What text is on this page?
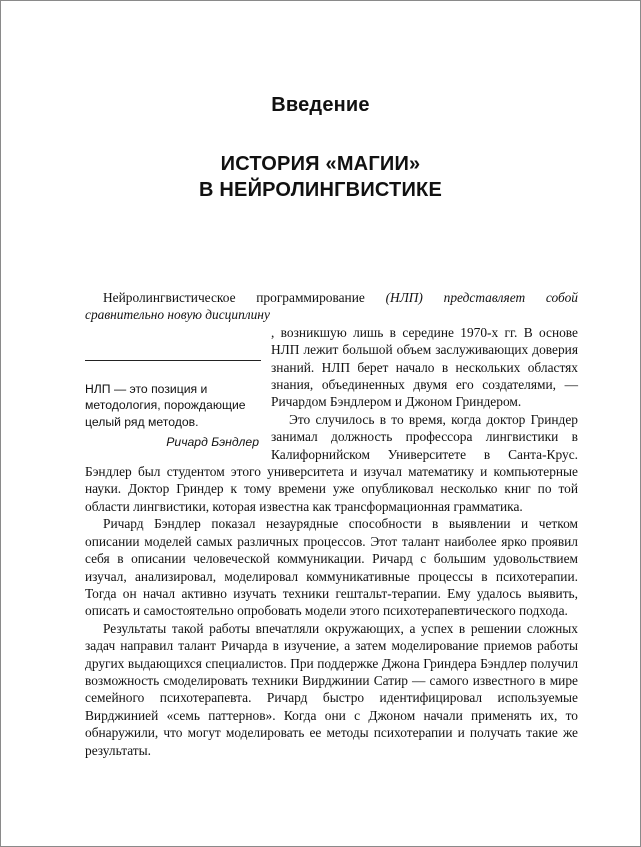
Введение
ИСТОРИЯ «МАГИИ»
В НЕЙРОЛИНГВИСТИКЕ

Нейролингвистическое программирование (НЛП) представляет собой сравнительно новую дисциплину

НЛП — это позиция и методология, порождающие целый ряд методов.
Ричард Бэндлер
, возникшую лишь в середине 1970-х гг. В основе НЛП лежит большой объем заслуживающих доверия знаний. НЛП берет начало в нескольких областях знания, объединенных двумя его создателями, — Ричардом Бэндлером и Джоном Гриндером.

Это случилось в то время, когда доктор Гриндер занимал должность профессора лингвистики в Калифорнийском Университете в Санта-Крус. Бэндлер был студентом этого университета и изучал математику и компьютерные науки. Доктор Гриндер к тому времени уже опубликовал несколько книг по той области лингвистики, которая известна как трансформационная грамматика.

Ричард Бэндлер показал незаурядные способности в выявлении и четком описании моделей самых различных процессов. Этот талант наиболее ярко проявил себя в описании человеческой коммуникации. Ричард с большим удовольствием изучал, анализировал, моделировал коммуникативные процессы в психотерапии. Тогда он начал активно изучать техники гештальт-терапии. Ему удалось выявить, описать и самостоятельно опробовать модели этого психотерапевтического подхода.

Результаты такой работы впечатляли окружающих, а успех в решении сложных задач направил талант Ричарда в изучение, а затем моделирование приемов работы других выдающихся специалистов. При поддержке Джона Гриндера Бэндлер получил возможность смоделировать техники Вирджинии Сатир — самого известного в мире семейного психотерапевта. Ричард быстро идентифицировал используемые Вирджинией «семь паттернов». Когда они с Джоном начали применять их, то обнаружили, что могут моделировать ее методы психотерапии и получать такие же результаты.
